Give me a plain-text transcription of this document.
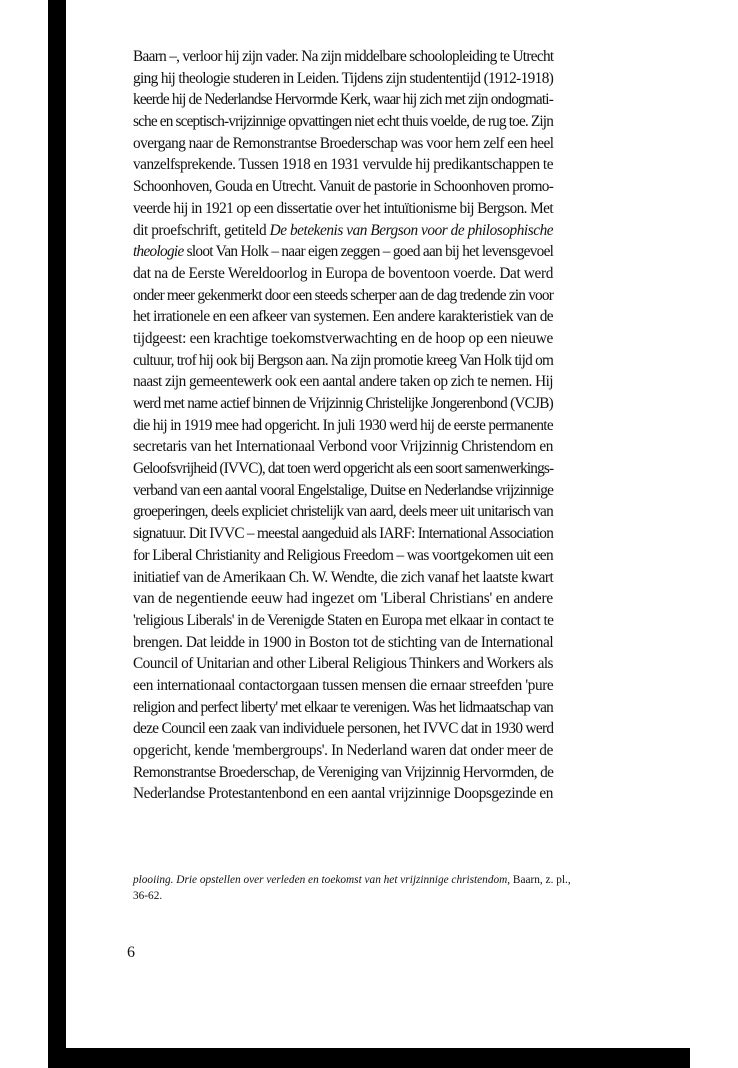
Baarn –, verloor hij zijn vader. Na zijn middelbare schoolopleiding te Utrecht
ging hij theologie studeren in Leiden. Tijdens zijn studententijd (1912-1918)
keerde hij de Nederlandse Hervormde Kerk, waar hij zich met zijn ondogmati-
sche en sceptisch-vrijzinnige opvattingen niet echt thuis voelde, de rug toe. Zijn
overgang naar de Remonstrantse Broederschap was voor hem zelf een heel
vanzelfsprekende. Tussen 1918 en 1931 vervulde hij predikantschappen te
Schoonhoven, Gouda en Utrecht. Vanuit de pastorie in Schoonhoven promo-
veerde hij in 1921 op een dissertatie over het intuïtionisme bij Bergson. Met
dit proefschrift, getiteld De betekenis van Bergson voor de philosophische
theologie sloot Van Holk – naar eigen zeggen – goed aan bij het levensgevoel
dat na de Eerste Wereldoorlog in Europa de boventoon voerde. Dat werd
onder meer gekenmerkt door een steeds scherper aan de dag tredende zin voor
het irrationele en een afkeer van systemen. Een andere karakteristiek van de
tijdgeest: een krachtige toekomstverwachting en de hoop op een nieuwe
cultuur, trof hij ook bij Bergson aan. Na zijn promotie kreeg Van Holk tijd om
naast zijn gemeentewerk ook een aantal andere taken op zich te nemen. Hij
werd met name actief binnen de Vrijzinnig Christelijke Jongerenbond (VCJB)
die hij in 1919 mee had opgericht. In juli 1930 werd hij de eerste permanente
secretaris van het Internationaal Verbond voor Vrijzinnig Christendom en
Geloofsvrijheid (IVVC), dat toen werd opgericht als een soort samenwerkings-
verband van een aantal vooral Engelstalige, Duitse en Nederlandse vrijzinnige
groeperingen, deels expliciet christelijk van aard, deels meer uit unitarisch van
signatuur. Dit IVVC – meestal aangeduid als IARF: International Association
for Liberal Christianity and Religious Freedom – was voortgekomen uit een
initiatief van de Amerikaan Ch. W. Wendte, die zich vanaf het laatste kwart
van de negentiende eeuw had ingezet om 'Liberal Christians' en andere
'religious Liberals' in de Verenigde Staten en Europa met elkaar in contact te
brengen. Dat leidde in 1900 in Boston tot de stichting van de International
Council of Unitarian and other Liberal Religious Thinkers and Workers als
een internationaal contactorgaan tussen mensen die ernaar streefden 'pure
religion and perfect liberty' met elkaar te verenigen. Was het lidmaatschap van
deze Council een zaak van individuele personen, het IVVC dat in 1930 werd
opgericht, kende 'membergroups'. In Nederland waren dat onder meer de
Remonstrantse Broederschap, de Vereniging van Vrijzinnig Hervormden, de
Nederlandse Protestantenbond en een aantal vrijzinnige Doopsgezinde en
plooiing. Drie opstellen over verleden en toekomst van het vrijzinnige christendom, Baarn, z. pl.,
36-62.
6
